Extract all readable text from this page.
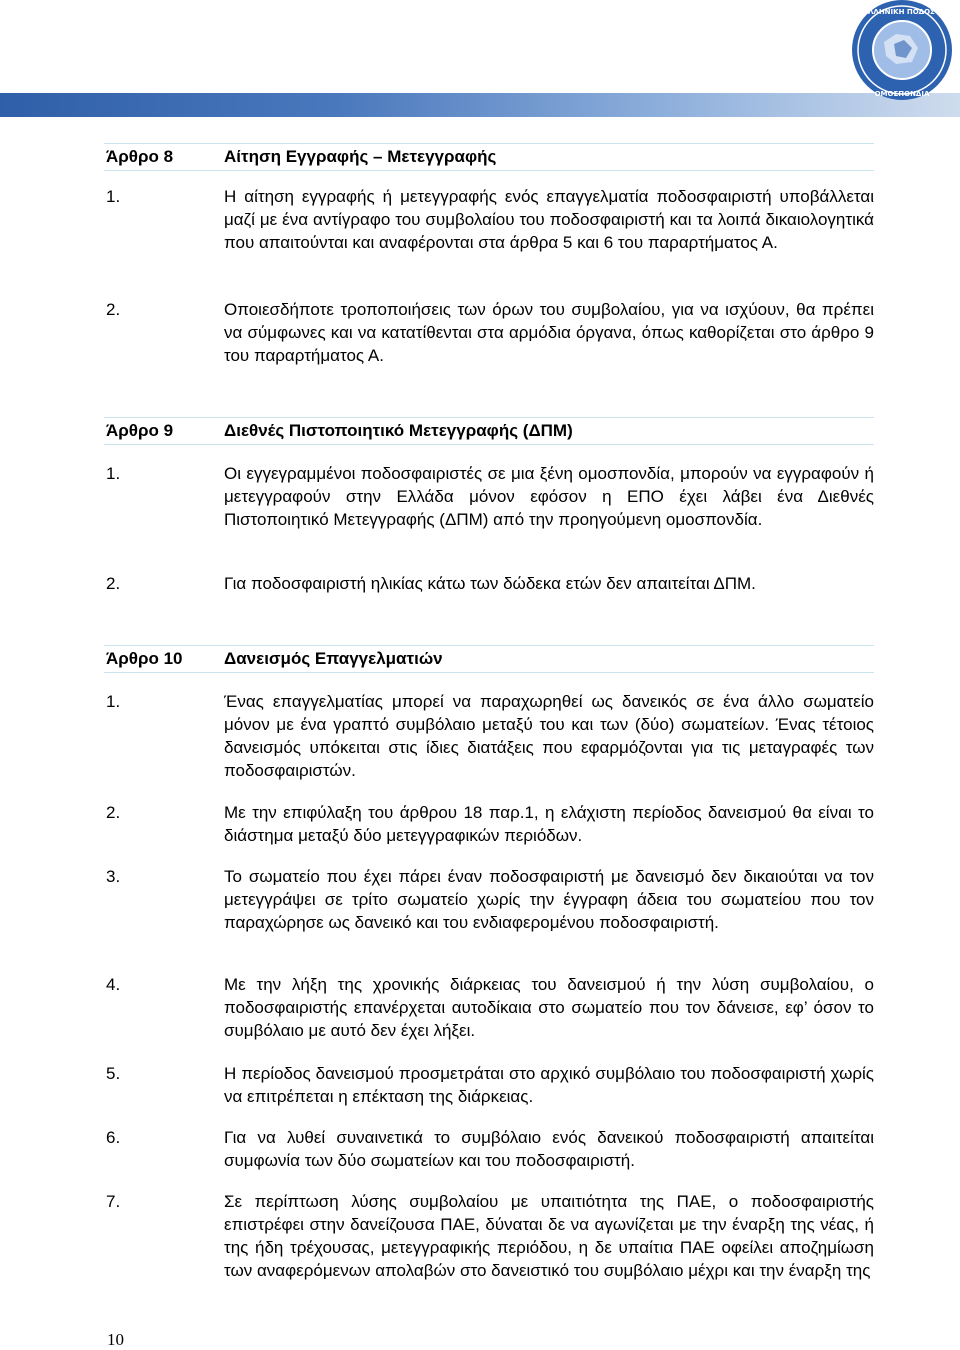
ΕΛΛΗΝΙΚΗ ΠΟΔΟΣΦ
ΟΜΟΣΠΟΝΔΙΑ
Άρθρο 8	Αίτηση Εγγραφής – Μετεγγραφής
1.	Η αίτηση εγγραφής ή μετεγγραφής ενός επαγγελματία ποδοσφαιριστή υποβάλλεται μαζί με ένα αντίγραφο του συμβολαίου του ποδοσφαιριστή και τα λοιπά δικαιολογητικά που απαιτούνται και αναφέρονται στα άρθρα 5 και 6 του παραρτήματος Α.
2.	Οποιεσδήποτε τροποποιήσεις των όρων του συμβολαίου, για να ισχύουν, θα πρέπει να σύμφωνες και να κατατίθενται στα αρμόδια όργανα, όπως καθορίζεται στο άρθρο 9 του παραρτήματος Α.
Άρθρο 9	Διεθνές Πιστοποιητικό Μετεγγραφής (ΔΠΜ)
1.	Οι εγγεγραμμένοι ποδοσφαιριστές σε μια ξένη ομοσπονδία, μπορούν να εγγραφούν ή μετεγγραφούν στην Ελλάδα μόνον εφόσον η ΕΠΟ έχει λάβει ένα Διεθνές Πιστοποιητικό Μετεγγραφής (ΔΠΜ) από την προηγούμενη ομοσπονδία.
2.	Για ποδοσφαιριστή ηλικίας κάτω των δώδεκα ετών δεν απαιτείται ΔΠΜ.
Άρθρο 10 Δανεισμός Επαγγελματιών
1.	Ένας επαγγελματίας μπορεί να παραχωρηθεί ως δανεικός σε ένα άλλο σωματείο μόνον με ένα γραπτό συμβόλαιο μεταξύ του και των (δύο) σωματείων. Ένας τέτοιος δανεισμός υπόκειται στις ίδιες διατάξεις που εφαρμόζονται για τις μεταγραφές των ποδοσφαιριστών.
2.	Με την επιφύλαξη του άρθρου 18 παρ.1, η ελάχιστη περίοδος δανεισμού θα είναι το διάστημα μεταξύ δύο μετεγγραφικών περιόδων.
3.	Το σωματείο που έχει πάρει έναν ποδοσφαιριστή με δανεισμό δεν δικαιούται να τον μετεγγράψει σε τρίτο σωματείο χωρίς την έγγραφη άδεια του σωματείου που τον παραχώρησε ως δανεικό και του ενδιαφερομένου ποδοσφαιριστή.
4.	Με την λήξη της χρονικής διάρκειας του δανεισμού ή την λύση συμβολαίου, ο ποδοσφαιριστής επανέρχεται αυτοδίκαια στο σωματείο που τον δάνεισε, εφ’ όσον το συμβόλαιο με αυτό δεν έχει λήξει.
5.	Η περίοδος δανεισμού προσμετράται στο αρχικό συμβόλαιο του ποδοσφαιριστή χωρίς να επιτρέπεται η επέκταση της διάρκειας.
6.	Για να λυθεί συναινετικά το συμβόλαιο ενός δανεικού ποδοσφαιριστή απαιτείται συμφωνία των δύο σωματείων και του ποδοσφαιριστή.
7.	Σε περίπτωση λύσης συμβολαίου με υπαιτιότητα της ΠΑΕ, ο ποδοσφαιριστής επιστρέφει στην δανείζουσα ΠΑΕ, δύναται δε να αγωνίζεται με την έναρξη της νέας, ή της ήδη τρέχουσας, μετεγγραφικής περιόδου, η δε υπαίτια ΠΑΕ οφείλει αποζημίωση των αναφερόμενων απολαβών στο δανειστικό του συμβόλαιο μέχρι και την έναρξη της
10
